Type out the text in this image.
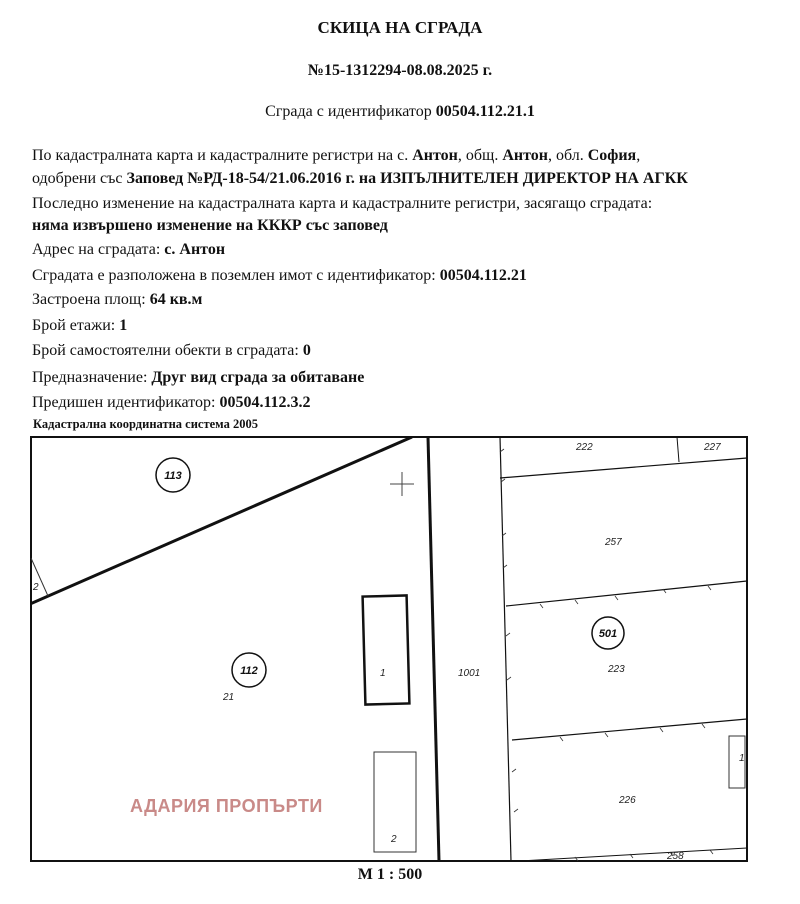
СКИЦА НА СГРАДА
№15-1312294-08.08.2025 г.
Сграда с идентификатор 00504.112.21.1
По кадастралната карта и кадастралните регистри на с. Антон, общ. Антон, обл. София,
одобрени със Заповед №РД-18-54/21.06.2016 г. на ИЗПЪЛНИТЕЛЕН ДИРЕКТОР НА АГКК
Последно изменение на кадастралната карта и кадастралните регистри, засягащо сградата:
няма извършено изменение на КККР със заповед
Адрес на сградата: с. Антон
Сградата е разположена в поземлен имот с идентификатор: 00504.112.21
Застроена площ: 64 кв.м
Брой етажи: 1
Брой самостоятелни обекти в сградата: 0
Предназначение: Друг вид сграда за обитаване
Предишен идентификатор: 00504.112.3.2
Кадастрална координатна система 2005
113
112
501
21
2
1
2
1001
222	227
257
223
226
258
1
АДАРИЯ ПРОПЪРТИ
М 1 : 500
